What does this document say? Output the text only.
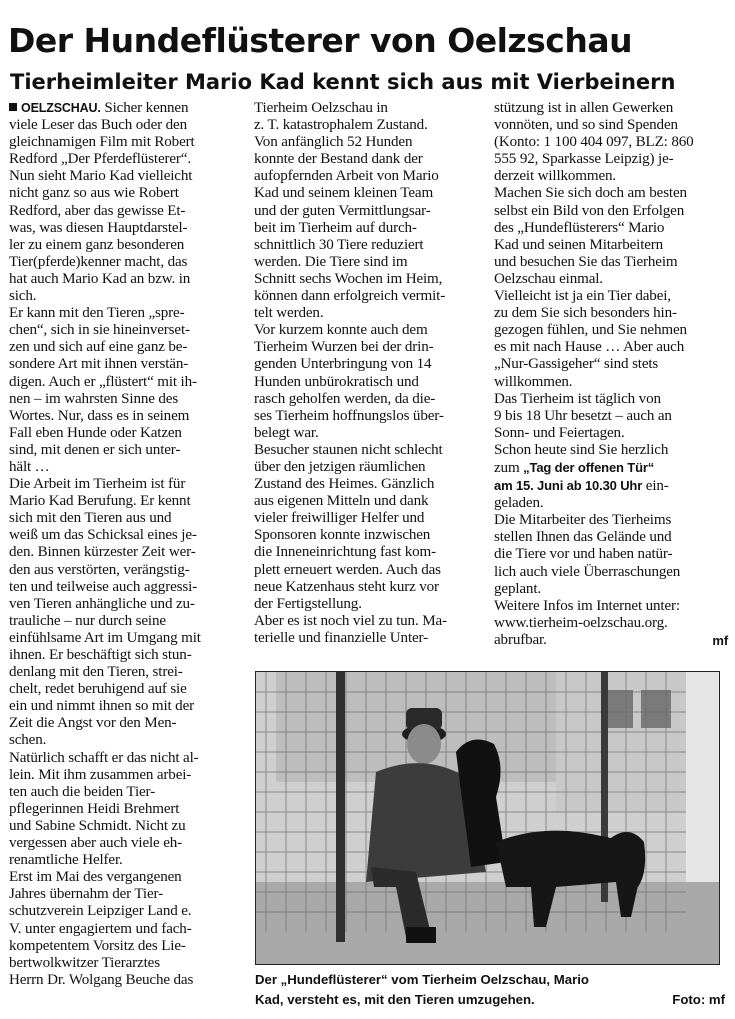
Der Hundeflüsterer von Oelzschau
Tierheimleiter Mario Kad kennt sich aus mit Vierbeinern

OELZSCHAU. Sicher kennen

viele Leser das Buch oder den

gleichnamigen Film mit Robert

Redford „Der Pferdeflüsterer“.

Nun sieht Mario Kad vielleicht

nicht ganz so aus wie Robert

Redford, aber das gewisse Et-

was, was diesen Hauptdarstel-

ler zu einem ganz besonderen

Tier(pferde)kenner macht, das

hat auch Mario Kad an bzw. in

sich.

Er kann mit den Tieren „spre-

chen“, sich in sie hineinverset-

zen und sich auf eine ganz be-

sondere Art mit ihnen verstän-

digen. Auch er „flüstert“ mit ih-

nen – im wahrsten Sinne des

Wortes. Nur, dass es in seinem

Fall eben Hunde oder Katzen

sind, mit denen er sich unter-

hält …

Die Arbeit im Tierheim ist für

Mario Kad Berufung. Er kennt

sich mit den Tieren aus und

weiß um das Schicksal eines je-

den. Binnen kürzester Zeit wer-

den aus verstörten, verängstig-

ten und teilweise auch aggressi-

ven Tieren anhängliche und zu-

trauliche – nur durch seine

einfühlsame Art im Umgang mit

ihnen. Er beschäftigt sich stun-

denlang mit den Tieren, strei-

chelt, redet beruhigend auf sie

ein und nimmt ihnen so mit der

Zeit die Angst vor den Men-

schen.

Natürlich schafft er das nicht al-

lein. Mit ihm zusammen arbei-

ten auch die beiden Tier-

pflegerinnen Heidi Brehmert

und Sabine Schmidt. Nicht zu

vergessen aber auch viele eh-

renamtliche Helfer.

Erst im Mai des vergangenen

Jahres übernahm der Tier-

schutzverein Leipziger Land e.

V. unter engagiertem und fach-

kompetentem Vorsitz des Lie-

bertwolkwitzer Tierarztes

Herrn Dr. Wolgang Beuche das

Tierheim Oelzschau in

z. T. katastrophalem Zustand.

Von anfänglich 52 Hunden

konnte der Bestand dank der

aufopfernden Arbeit von Mario

Kad und seinem kleinen Team

und der guten Vermittlungsar-

beit im Tierheim auf durch-

schnittlich 30 Tiere reduziert

werden. Die Tiere sind im

Schnitt sechs Wochen im Heim,

können dann erfolgreich vermit-

telt werden.

Vor kurzem konnte auch dem

Tierheim Wurzen bei der drin-

genden Unterbringung von 14

Hunden unbürokratisch und

rasch geholfen werden, da die-

ses Tierheim hoffnungslos über-

belegt war.

Besucher staunen nicht schlecht

über den jetzigen räumlichen

Zustand des Heimes. Gänzlich

aus eigenen Mitteln und dank

vieler freiwilliger Helfer und

Sponsoren konnte inzwischen

die Inneneinrichtung fast kom-

plett erneuert werden. Auch das

neue Katzenhaus steht kurz vor

der Fertigstellung.

Aber es ist noch viel zu tun. Ma-

terielle und finanzielle Unter-

stützung ist in allen Gewerken

vonnöten, und so sind Spenden

(Konto: 1 100 404 097, BLZ: 860

555 92, Sparkasse Leipzig) je-

derzeit willkommen.

Machen Sie sich doch am besten

selbst ein Bild von den Erfolgen

des „Hundeflüsterers“ Mario

Kad und seinen Mitarbeitern

und besuchen Sie das Tierheim

Oelzschau einmal.

Vielleicht ist ja ein Tier dabei,

zu dem Sie sich besonders hin-

gezogen fühlen, und Sie nehmen

es mit nach Hause … Aber auch

„Nur-Gassigeher“ sind stets

willkommen.

Das Tierheim ist täglich von

9 bis 18 Uhr besetzt – auch an

Sonn- und Feiertagen.

Schon heute sind Sie herzlich

zum „Tag der offenen Tür“

am 15. Juni ab 10.30 Uhr ein-

geladen.

Die Mitarbeiter des Tierheims

stellen Ihnen das Gelände und

die Tiere vor und haben natür-

lich auch viele Überraschungen

geplant.

Weitere Infos im Internet unter:

www.tierheim-oelzschau.org.

abrufbar.	mf
Der „Hundeflüsterer“ vom Tierheim Oelzschau, Mario
Kad, versteht es, mit den Tieren umzugehen.	Foto: mf
